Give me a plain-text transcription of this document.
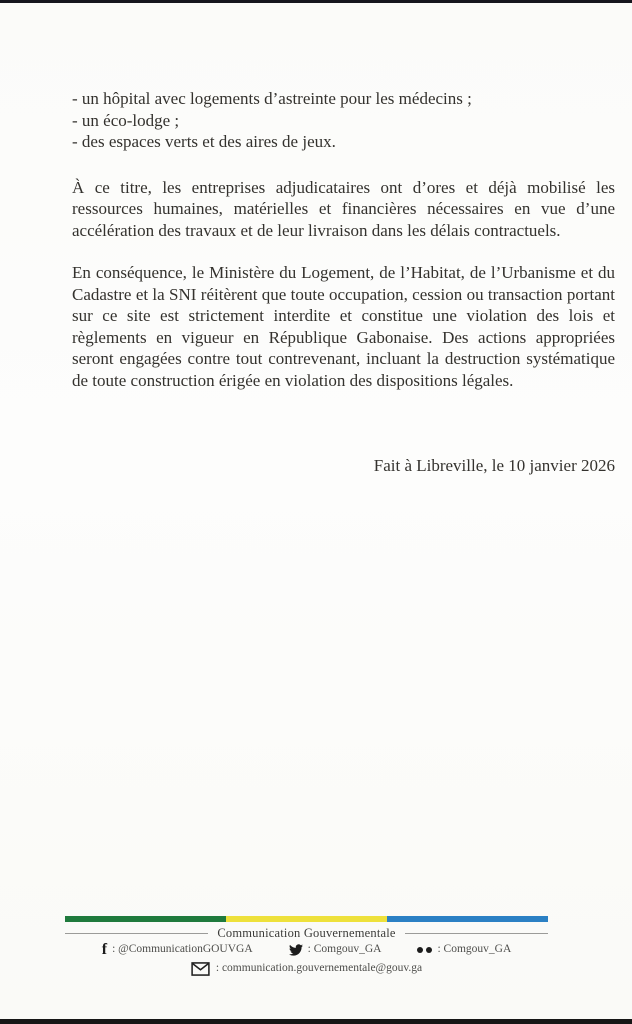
- un hôpital avec logements d’astreinte pour les médecins ;

- un éco-lodge ;

- des espaces verts et des aires de jeux.

À ce titre, les entreprises adjudicataires ont d’ores et déjà mobilisé les ressources humaines, matérielles et financières nécessaires en vue d’une accélération des travaux et de leur livraison dans les délais contractuels.

En conséquence, le Ministère du Logement, de l’Habitat, de l’Urbanisme et du Cadastre et la SNI réitèrent que toute occupation, cession ou transaction portant sur ce site est strictement interdite et constitue une violation des lois et règlements en vigueur en République Gabonaise. Des actions appropriées seront engagées contre tout contrevenant, incluant la destruction systématique de toute construction érigée en violation des dispositions légales.

Fait à Libreville, le 10 janvier 2026

Communication Gouvernementale
f : @CommunicationGOUVGA	: Comgouv_GA	: Comgouv_GA
: communication.gouvernementale@gouv.ga
